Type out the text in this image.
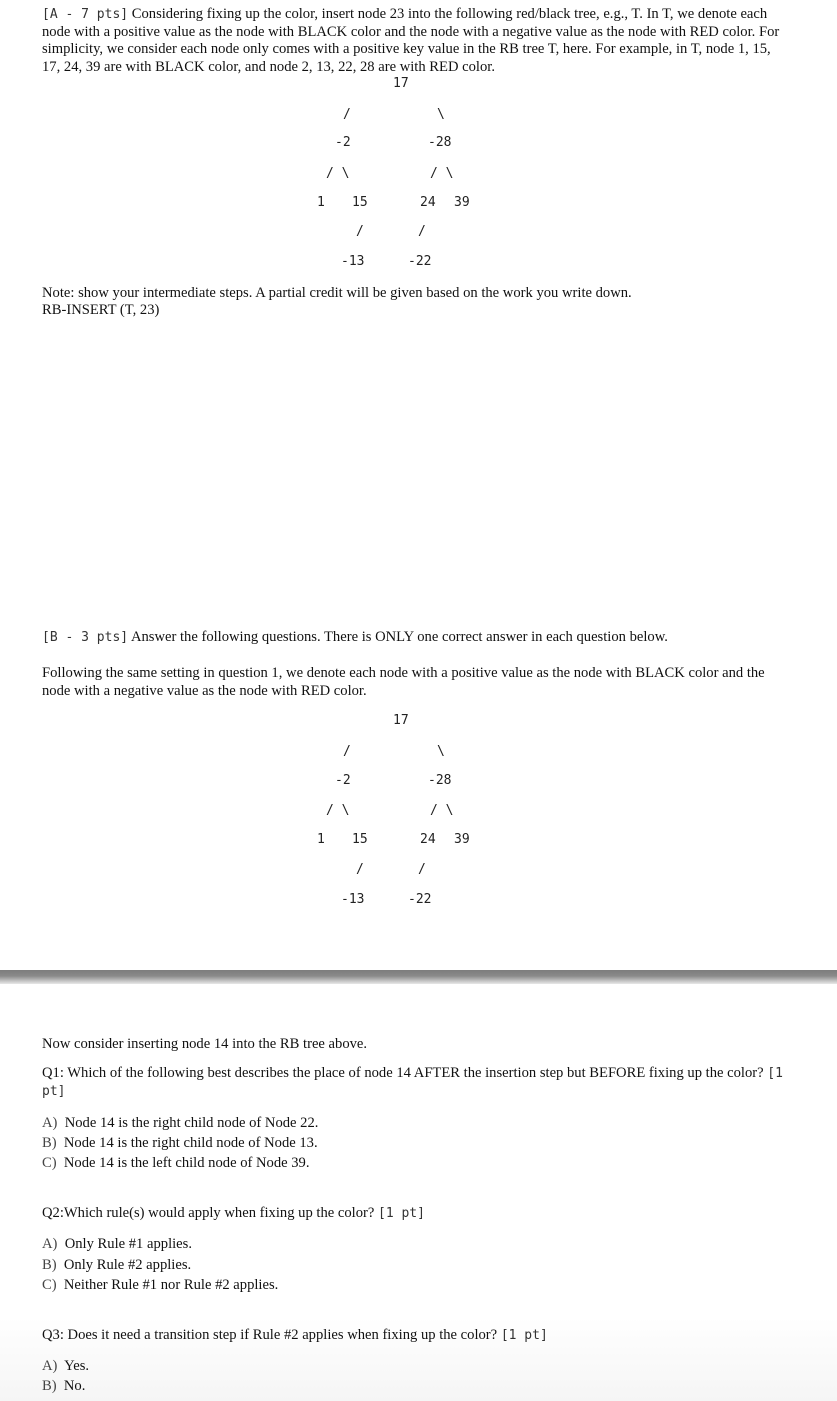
[A - 7 pts] Considering fixing up the color, insert node 23 into the following red/black tree, e.g., T. In T, we denote each node with a positive value as the node with BLACK color and the node with a negative value as the node with RED color. For simplicity, we consider each node only comes with a positive key value in the RB tree T, here. For example, in T, node 1, 15, 17, 24, 39 are with BLACK color, and node 2, 13, 22, 28 are with RED color.

17
/	\
-2	-28
/ \	/ \
1 15	24 39
/	/
-13	-22

Note: show your intermediate steps. A partial credit will be given based on the work you write down.

RB-INSERT (T, 23)

[B - 3 pts] Answer the following questions. There is ONLY one correct answer in each question below.

Following the same setting in question 1, we denote each node with a positive value as the node with BLACK color and the node with a negative value as the node with RED color.

17
/	\
-2	-28
/ \	/ \
1 15	24 39
/	/
-13	-22

Now consider inserting node 14 into the RB tree above.

Q1: Which of the following best describes the place of node 14 AFTER the insertion step but BEFORE fixing up the color? [1 pt]

A) Node 14 is the right child node of Node 22.

B) Node 14 is the right child node of Node 13.

C) Node 14 is the left child node of Node 39.

Q2:Which rule(s) would apply when fixing up the color? [1 pt]

A) Only Rule #1 applies.

B) Only Rule #2 applies.

C) Neither Rule #1 nor Rule #2 applies.

Q3: Does it need a transition step if Rule #2 applies when fixing up the color? [1 pt]

A) Yes.

B) No.
